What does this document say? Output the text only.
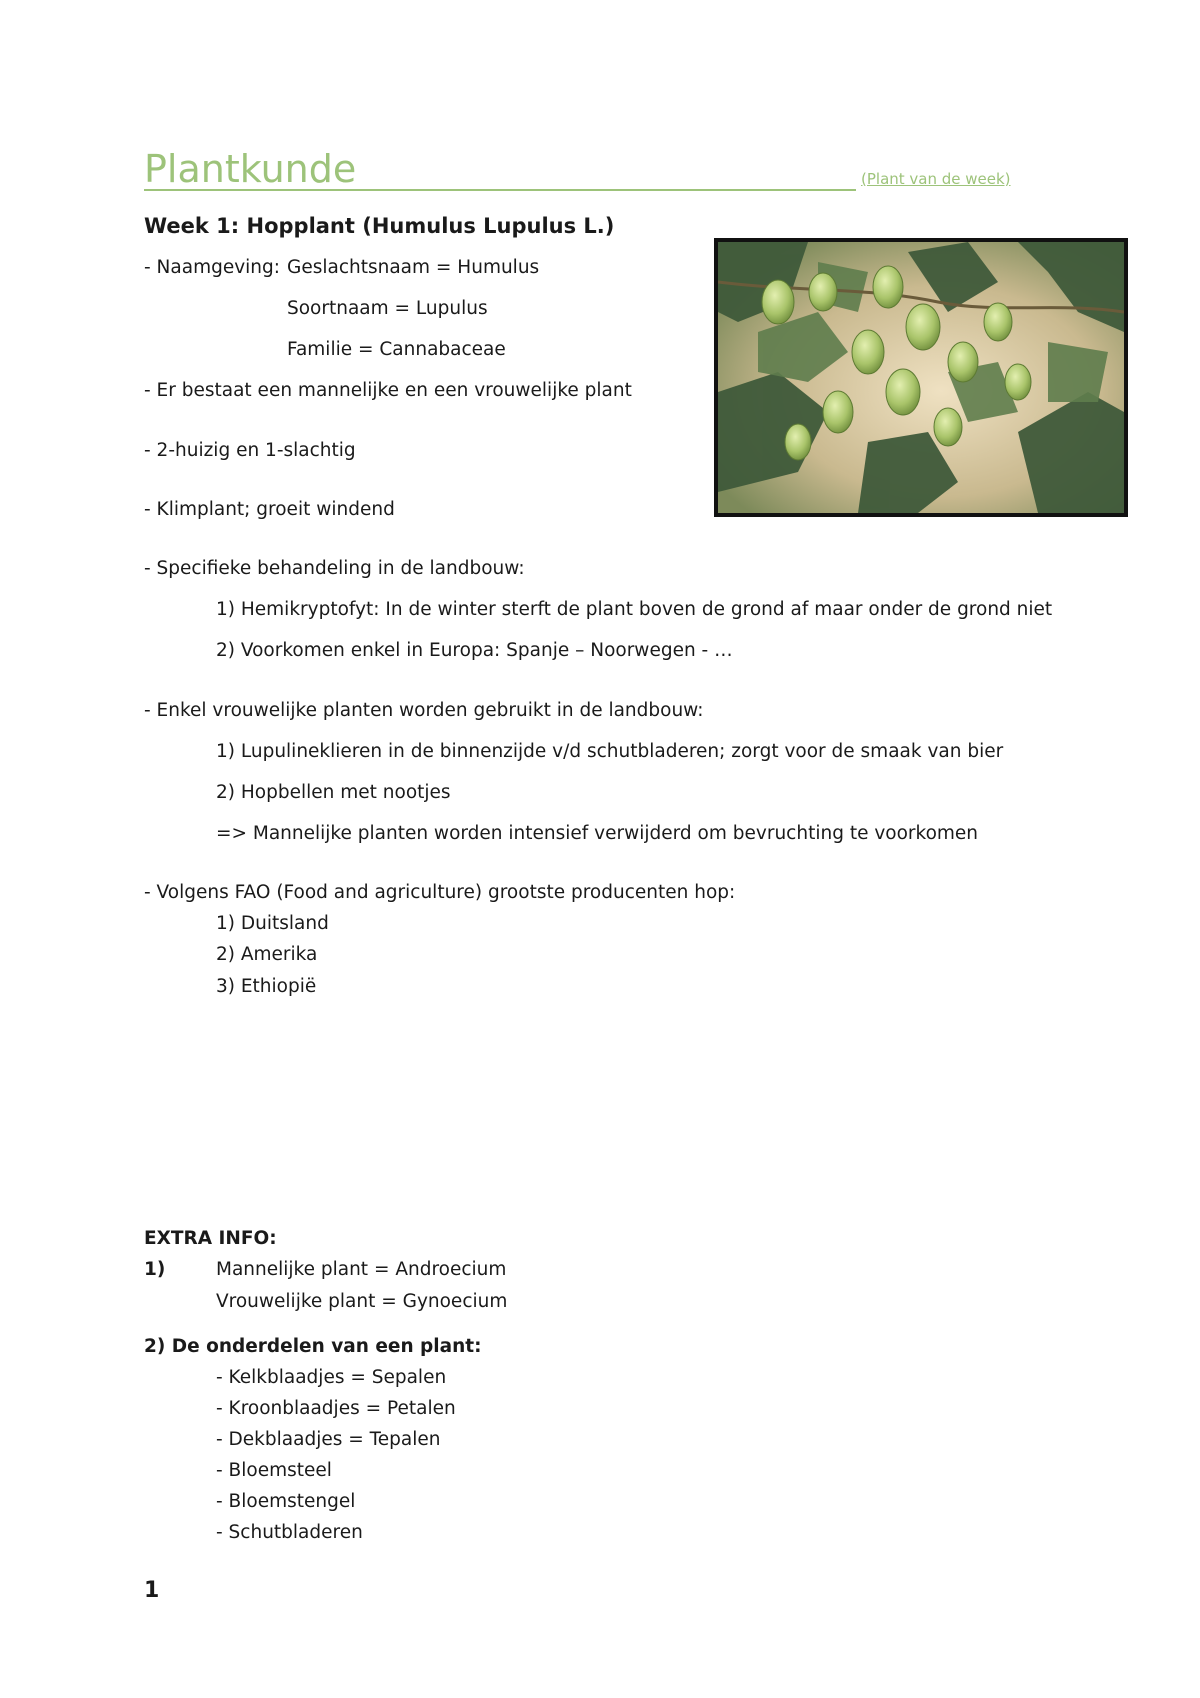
Plantkunde	(Plant van de week)
Week 1: Hopplant (Humulus Lupulus L.)
- Naamgeving: Geslachtsnaam = Humulus
Soortnaam = Lupulus
Familie = Cannabaceae
- Er bestaat een mannelijke en een vrouwelijke plant
- 2-huizig en 1-slachtig
- Klimplant; groeit windend
- Specifieke behandeling in de landbouw:
1) Hemikryptofyt: In de winter sterft de plant boven de grond af maar onder de grond niet
2) Voorkomen enkel in Europa: Spanje – Noorwegen - …
- Enkel vrouwelijke planten worden gebruikt in de landbouw:
1) Lupulineklieren in de binnenzijde v/d schutbladeren; zorgt voor de smaak van bier
2) Hopbellen met nootjes
=> Mannelijke planten worden intensief verwijderd om bevruchting te voorkomen
- Volgens FAO (Food and agriculture) grootste producenten hop:
1) Duitsland
2) Amerika
3) Ethiopië
EXTRA INFO:
1)	Mannelijke plant = Androecium
Vrouwelijke plant = Gynoecium
2) De onderdelen van een plant:
- Kelkblaadjes = Sepalen
- Kroonblaadjes = Petalen
- Dekblaadjes = Tepalen
- Bloemsteel
- Bloemstengel
- Schutbladeren
1
